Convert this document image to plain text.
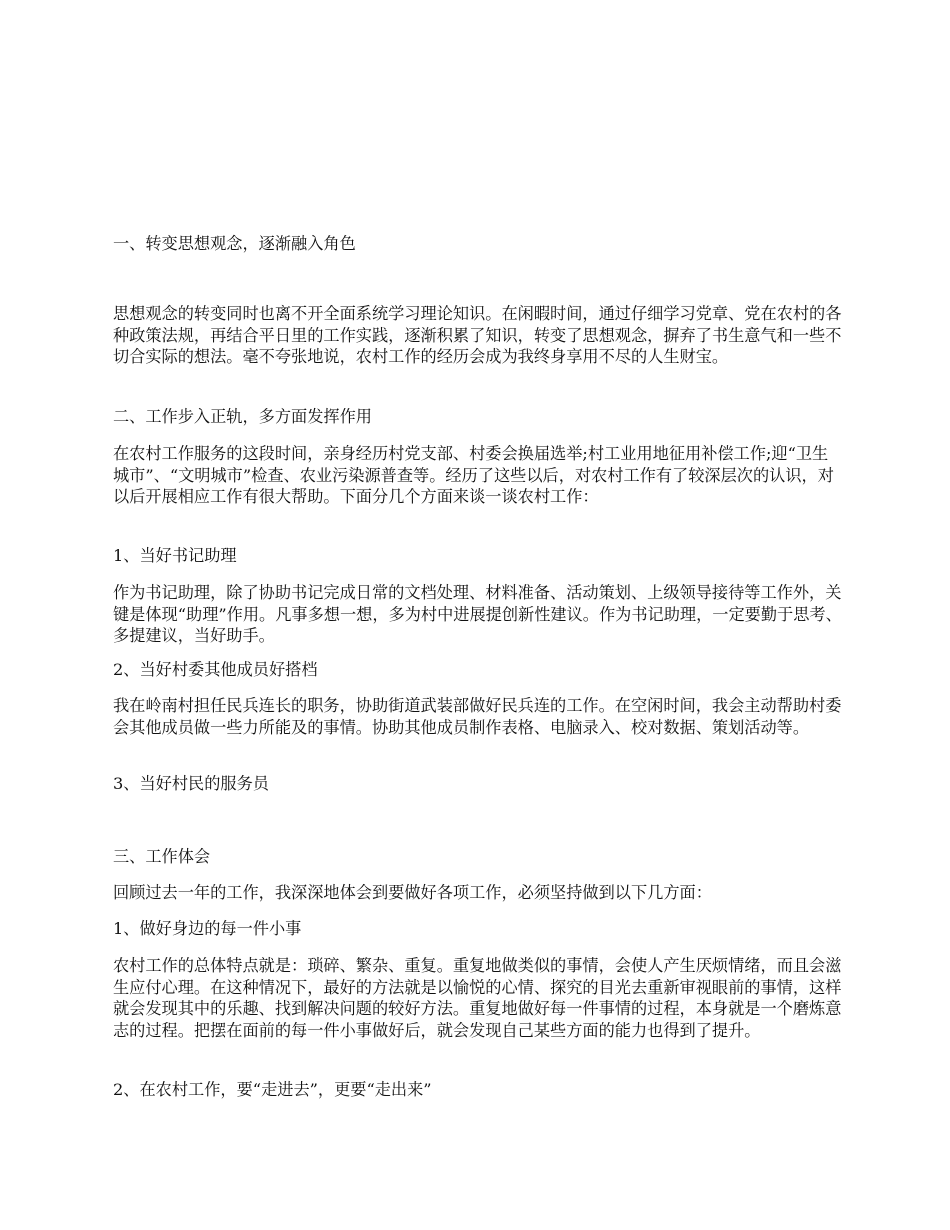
一、转变思想观念，逐渐融入角色

思想观念的转变同时也离不开全面系统学习理论知识。在闲暇时间，通过仔细学习党章、党在农村的各种政策法规，再结合平日里的工作实践，逐渐积累了知识，转变了思想观念，摒弃了书生意气和一些不切合实际的想法。毫不夸张地说，农村工作的经历会成为我终身享用不尽的人生财宝。

二、工作步入正轨，多方面发挥作用

在农村工作服务的这段时间，亲身经历村党支部、村委会换届选举;村工业用地征用补偿工作;迎“卫生城市”、“文明城市”检查、农业污染源普查等。经历了这些以后，对农村工作有了较深层次的认识，对以后开展相应工作有很大帮助。下面分几个方面来谈一谈农村工作：

1、当好书记助理

作为书记助理，除了协助书记完成日常的文档处理、材料准备、活动策划、上级领导接待等工作外，关键是体现“助理”作用。凡事多想一想，多为村中进展提创新性建议。作为书记助理，一定要勤于思考、多提建议，当好助手。

2、当好村委其他成员好搭档

我在岭南村担任民兵连长的职务，协助街道武装部做好民兵连的工作。在空闲时间，我会主动帮助村委会其他成员做一些力所能及的事情。协助其他成员制作表格、电脑录入、校对数据、策划活动等。

3、当好村民的服务员

三、工作体会

回顾过去一年的工作，我深深地体会到要做好各项工作，必须坚持做到以下几方面：

1、做好身边的每一件小事

农村工作的总体特点就是：琐碎、繁杂、重复。重复地做类似的事情，会使人产生厌烦情绪，而且会滋生应付心理。在这种情况下，最好的方法就是以愉悦的心情、探究的目光去重新审视眼前的事情，这样就会发现其中的乐趣、找到解决问题的较好方法。重复地做好每一件事情的过程，本身就是一个磨炼意志的过程。把摆在面前的每一件小事做好后，就会发现自己某些方面的能力也得到了提升。

2、在农村工作，要“走进去”，更要“走出来”
